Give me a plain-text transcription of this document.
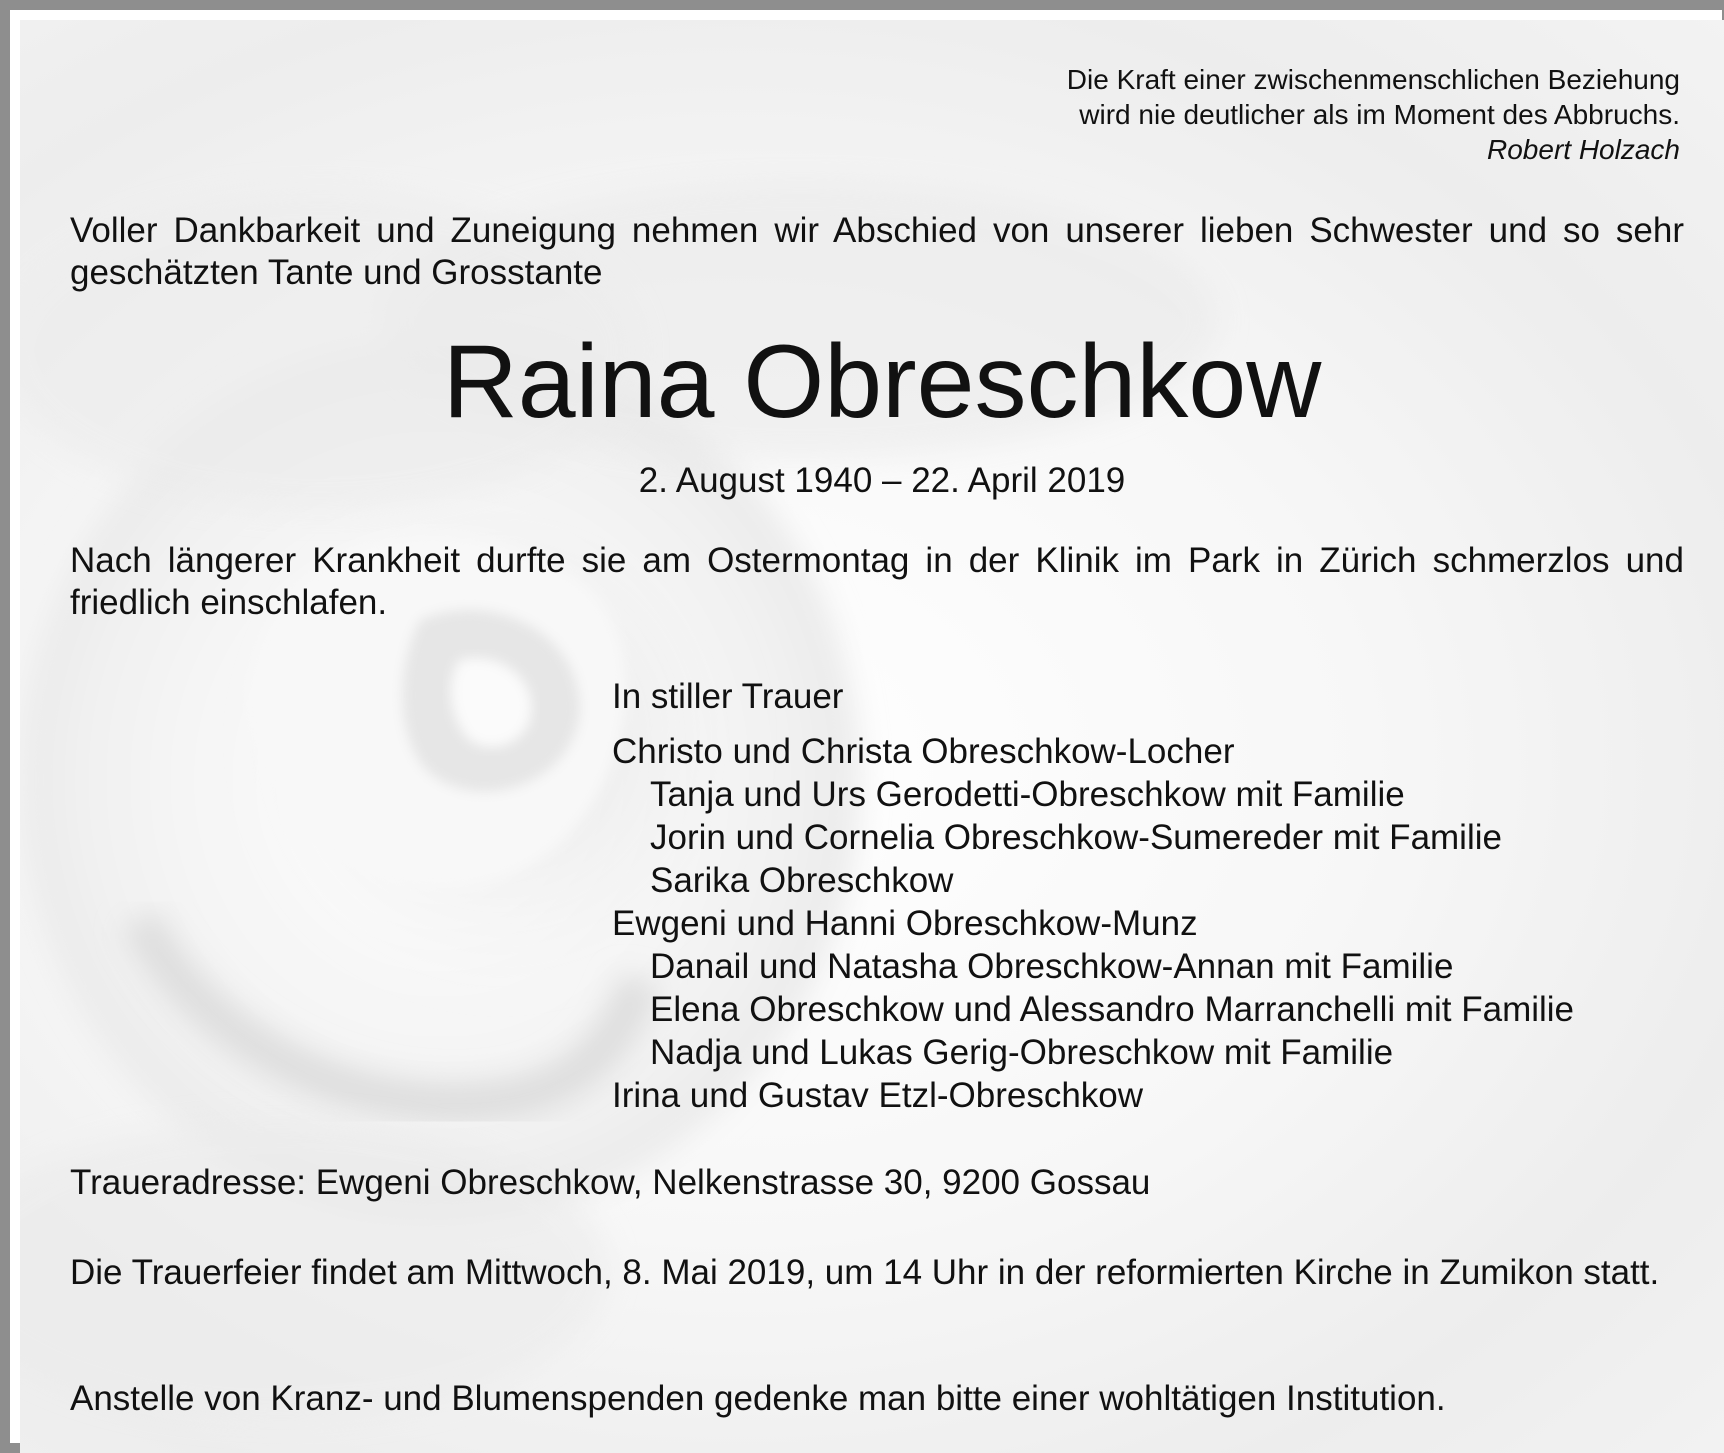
Die Kraft einer zwischenmenschlichen Beziehung
wird nie deutlicher als im Moment des Abbruchs.
Robert Holzach
Voller Dankbarkeit und Zuneigung nehmen wir Abschied von unserer lieben Schwester und so sehr geschätzten Tante und Grosstante
Raina Obreschkow
2. August 1940 – 22. April 2019
Nach längerer Krankheit durfte sie am Ostermontag in der Klinik im Park in Zürich schmerzlos und friedlich einschlafen.
In stiller Trauer
Christo und Christa Obreschkow-Locher
Tanja und Urs Gerodetti-Obreschkow mit Familie
Jorin und Cornelia Obreschkow-Sumereder mit Familie
Sarika Obreschkow
Ewgeni und Hanni Obreschkow-Munz
Danail und Natasha Obreschkow-Annan mit Familie
Elena Obreschkow und Alessandro Marranchelli mit Familie
Nadja und Lukas Gerig-Obreschkow mit Familie
Irina und Gustav Etzl-Obreschkow
Traueradresse: Ewgeni Obreschkow, Nelkenstrasse 30, 9200 Gossau
Die Trauerfeier findet am Mittwoch, 8. Mai 2019, um 14 Uhr in der reformierten Kirche in Zumikon statt.
Anstelle von Kranz- und Blumenspenden gedenke man bitte einer wohltätigen Institution.
